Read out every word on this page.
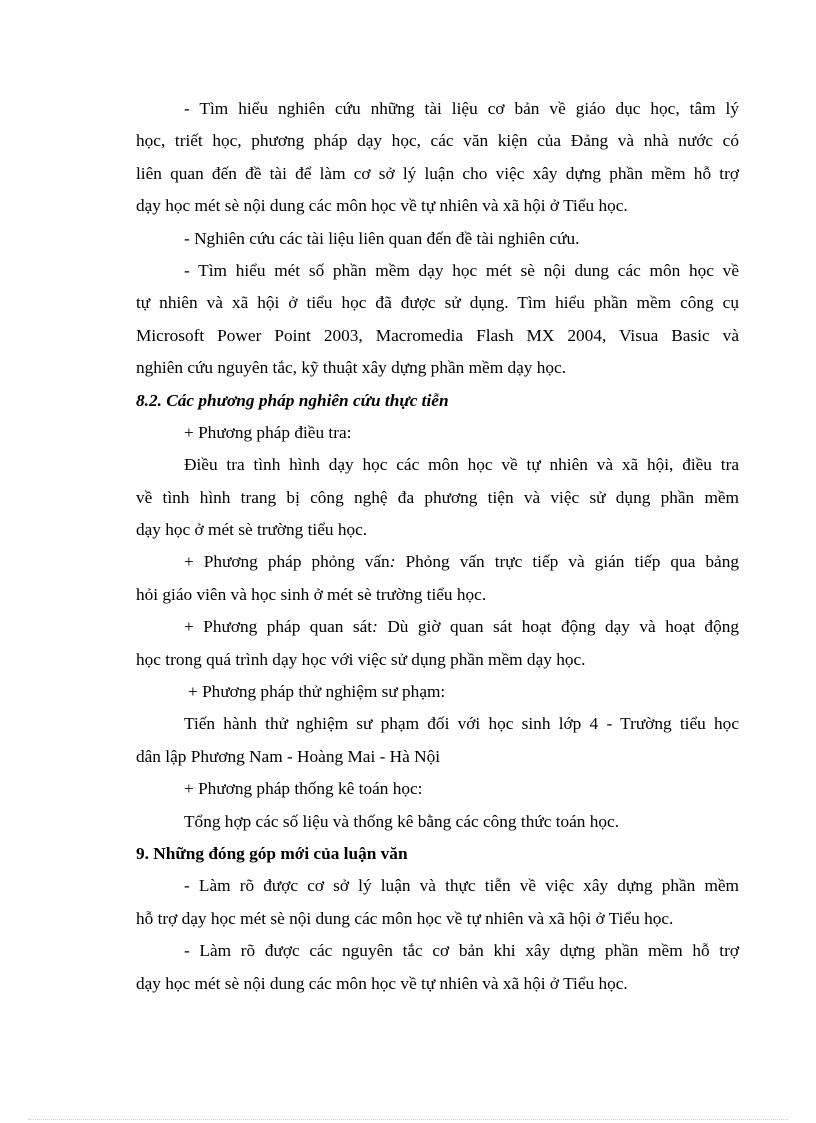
- Tìm hiểu nghiên cứu những tài liệu cơ bản về giáo dục học, tâm lý
học, triết học, phương pháp dạy học, các văn kiện của Đảng và nhà nước có
liên quan đến đề tài để làm cơ sở lý luận cho việc xây dựng phần mềm hỗ trợ
dạy học mét sè nội dung các môn học về tự nhiên và xã hội ở Tiểu học.
- Nghiên cứu các tài liệu liên quan đến đề tài nghiên cứu.
- Tìm hiểu mét số phần mềm dạy học mét sè nội dung các môn học về
tự nhiên và xã hội ở tiểu học đã được sử dụng. Tìm hiểu phần mềm công cụ
Microsoft Power Point 2003, Macromedia Flash MX 2004, Visua Basic và
nghiên cứu nguyên tắc, kỹ thuật xây dựng phần mềm dạy học.
8.2. Các phương pháp nghiên cứu thực tiễn
+ Phương pháp điều tra:
Điều tra tình hình dạy học các môn học về tự nhiên và xã hội, điều tra
về tình hình trang bị công nghệ đa phương tiện và việc sử dụng phần mềm
dạy học ở mét sè trường tiểu học.
+ Phương pháp phỏng vấn: Phỏng vấn trực tiếp và gián tiếp qua bảng
hỏi giáo viên và học sinh ở mét sè trường tiểu học.
+ Phương pháp quan sát: Dù giờ quan sát hoạt động dạy và hoạt động
học trong quá trình dạy học với việc sử dụng phần mềm dạy học.
+ Phương pháp thử nghiệm sư phạm:
Tiến hành thử nghiệm sư phạm đối với học sinh lớp 4 - Trường tiểu học
dân lập Phương Nam - Hoàng Mai - Hà Nội
+ Phương pháp thống kê toán học:
Tổng hợp các số liệu và thống kê bằng các công thức toán học.
9. Những đóng góp mới của luận văn
- Làm rõ được cơ sở lý luận và thực tiễn về việc xây dựng phần mềm
hỗ trợ dạy học mét sè nội dung các môn học về tự nhiên và xã hội ở Tiểu học.
- Làm rõ được các nguyên tắc cơ bản khi xây dựng phần mềm hỗ trợ
dạy học mét sè nội dung các môn học về tự nhiên và xã hội ở Tiểu học.
